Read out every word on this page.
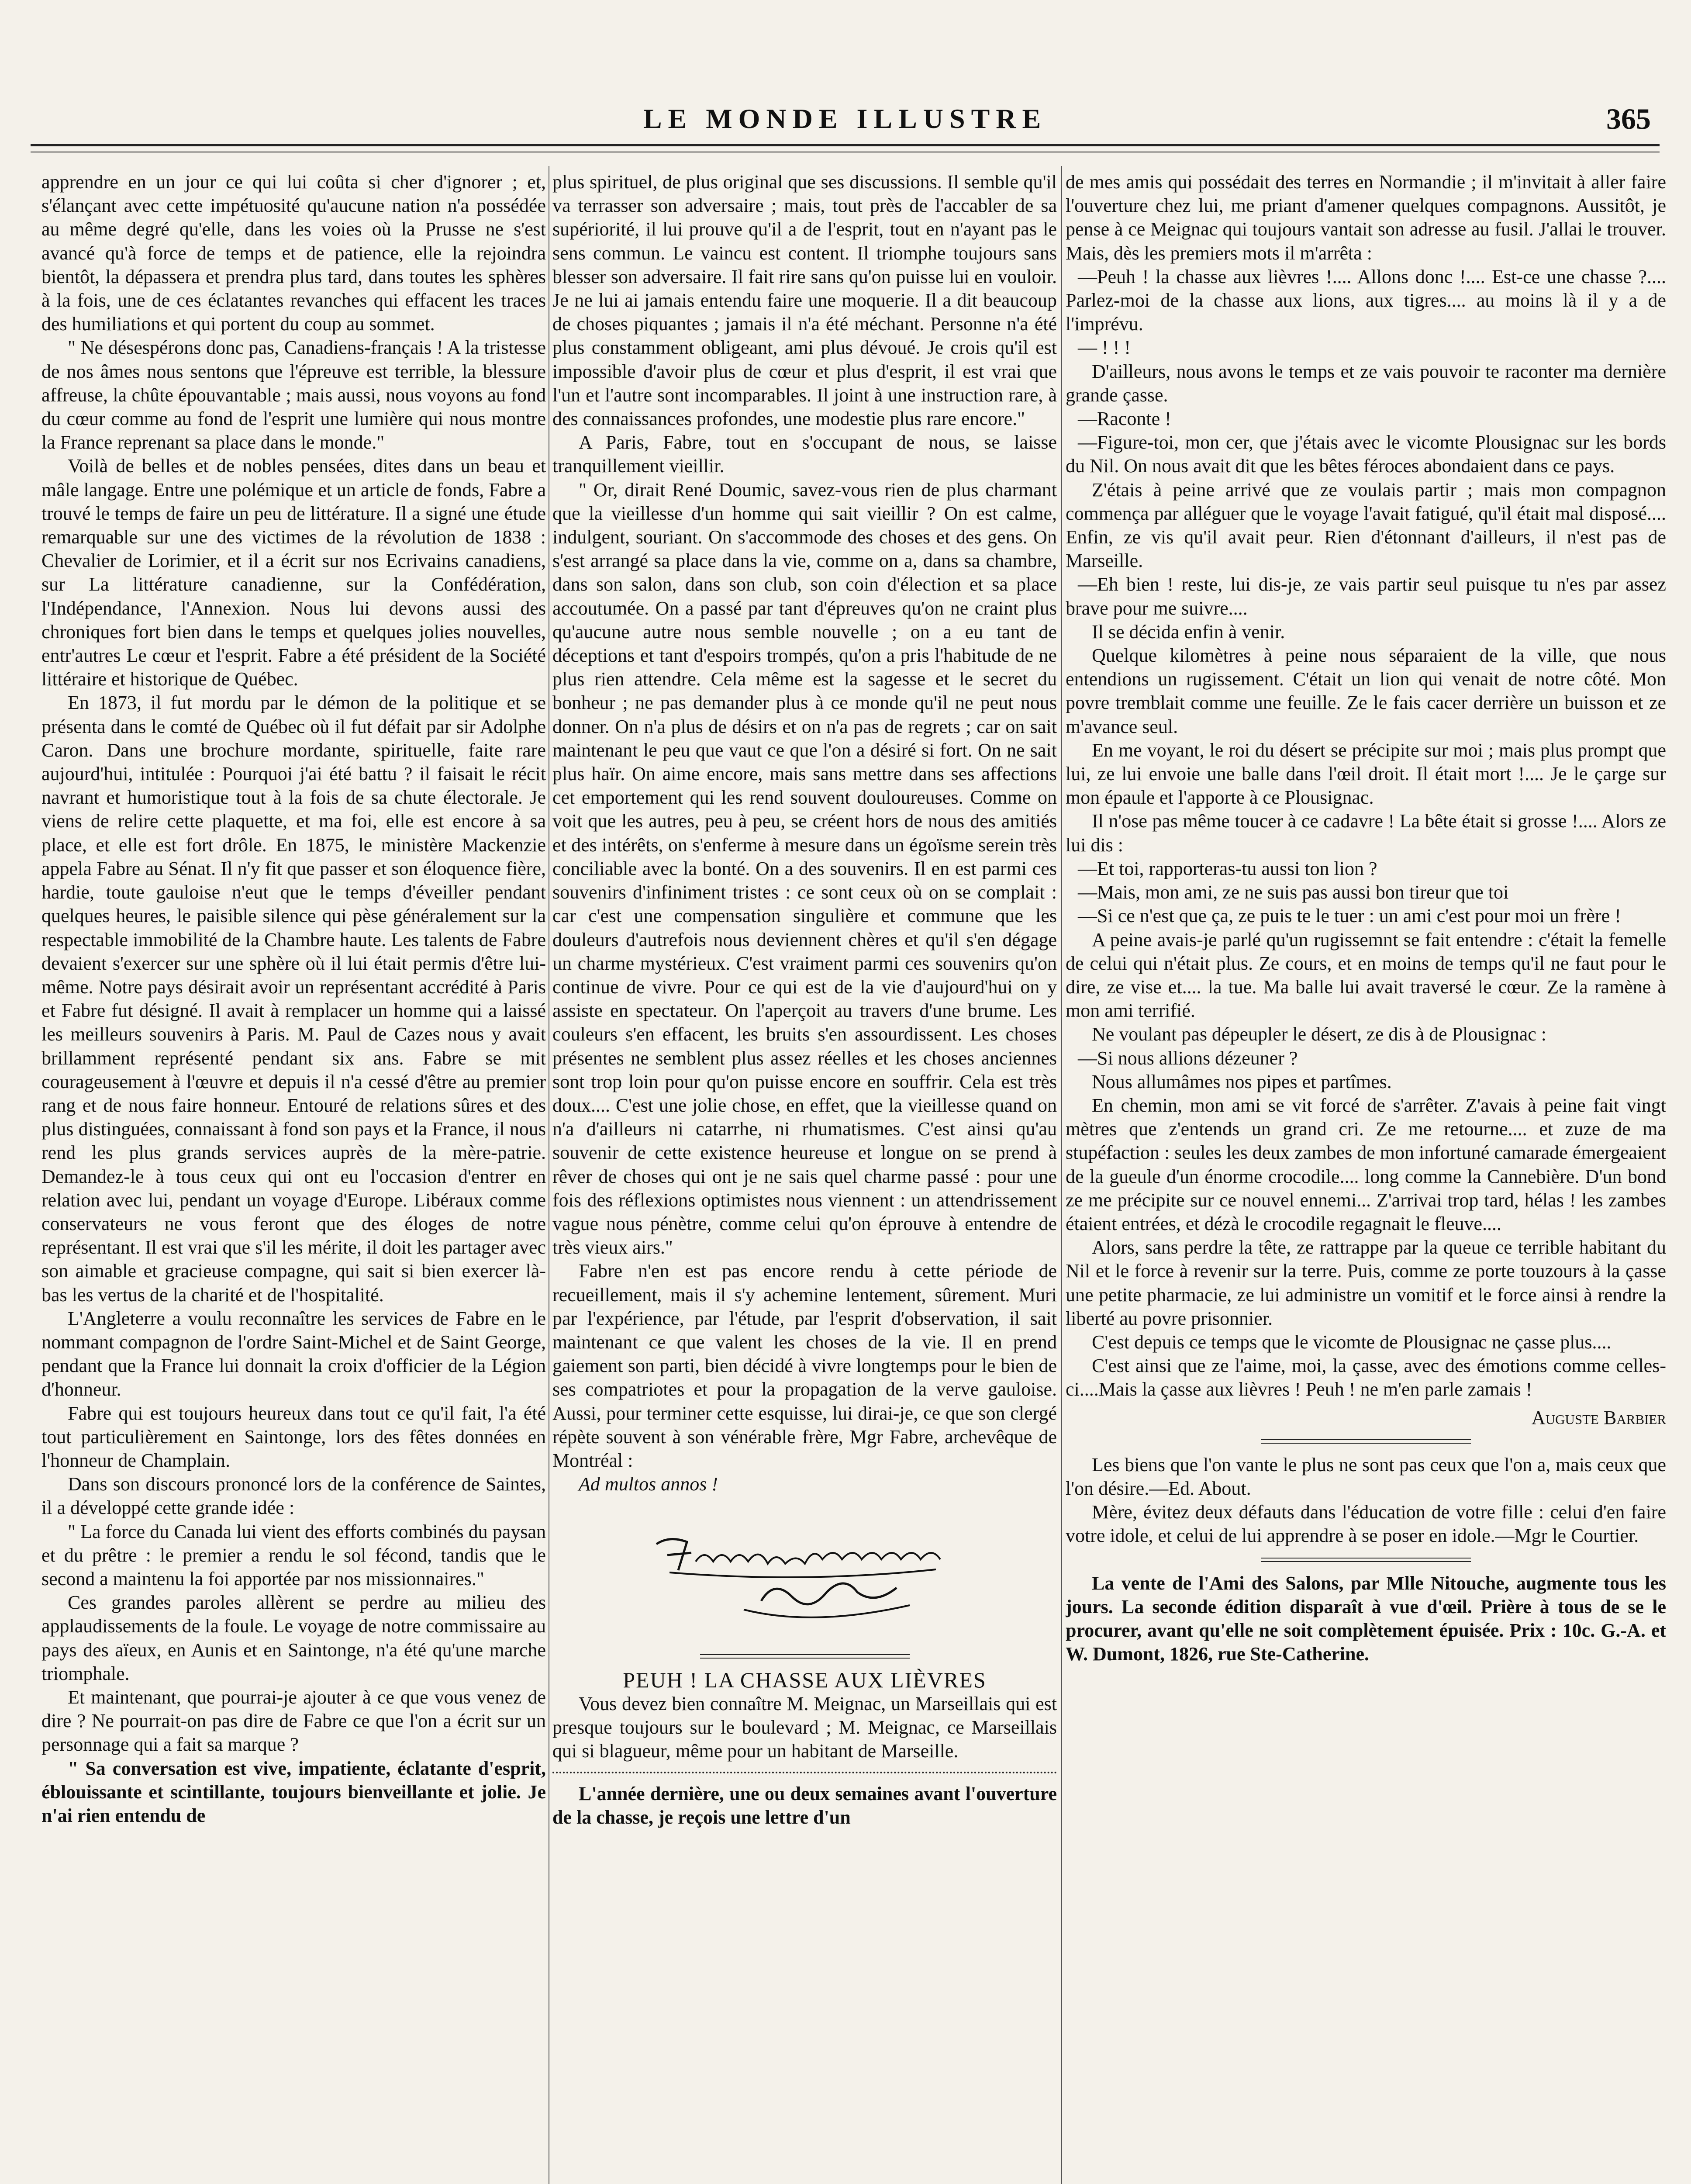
LE MONDE ILLUSTRE	365

apprendre en un jour ce qui lui coûta si cher d'ignorer ; et, s'élançant avec cette impétuosité qu'aucune nation n'a possédée au même degré qu'elle, dans les voies où la Prusse ne s'est avancé qu'à force de temps et de patience, elle la rejoindra bientôt, la dépassera et prendra plus tard, dans toutes les sphères à la fois, une de ces éclatantes revanches qui effacent les traces des humiliations et qui portent du coup au sommet.

" Ne désespérons donc pas, Canadiens-français ! A la tristesse de nos âmes nous sentons que l'épreuve est terrible, la blessure affreuse, la chûte épouvantable ; mais aussi, nous voyons au fond du cœur comme au fond de l'esprit une lumière qui nous montre la France reprenant sa place dans le monde."

Voilà de belles et de nobles pensées, dites dans un beau et mâle langage. Entre une polémique et un article de fonds, Fabre a trouvé le temps de faire un peu de littérature. Il a signé une étude remarquable sur une des victimes de la révolution de 1838 : Chevalier de Lorimier, et il a écrit sur nos Ecrivains canadiens, sur La littérature canadienne, sur la Confédération, l'Indépendance, l'Annexion. Nous lui devons aussi des chroniques fort bien dans le temps et quelques jolies nouvelles, entr'autres Le cœur et l'esprit. Fabre a été président de la Société littéraire et historique de Québec.

En 1873, il fut mordu par le démon de la politique et se présenta dans le comté de Québec où il fut défait par sir Adolphe Caron. Dans une brochure mordante, spirituelle, faite rare aujourd'hui, intitulée : Pourquoi j'ai été battu ? il faisait le récit navrant et humoristique tout à la fois de sa chute électorale. Je viens de relire cette plaquette, et ma foi, elle est encore à sa place, et elle est fort drôle. En 1875, le ministère Mackenzie appela Fabre au Sénat. Il n'y fit que passer et son éloquence fière, hardie, toute gauloise n'eut que le temps d'éveiller pendant quelques heures, le paisible silence qui pèse généralement sur la respectable immobilité de la Chambre haute. Les talents de Fabre devaient s'exercer sur une sphère où il lui était permis d'être lui-même. Notre pays désirait avoir un représentant accrédité à Paris et Fabre fut désigné. Il avait à remplacer un homme qui a laissé les meilleurs souvenirs à Paris. M. Paul de Cazes nous y avait brillamment représenté pendant six ans. Fabre se mit courageusement à l'œuvre et depuis il n'a cessé d'être au premier rang et de nous faire honneur. Entouré de relations sûres et des plus distinguées, connaissant à fond son pays et la France, il nous rend les plus grands services auprès de la mère-patrie. Demandez-le à tous ceux qui ont eu l'occasion d'entrer en relation avec lui, pendant un voyage d'Europe. Libéraux comme conservateurs ne vous feront que des éloges de notre représentant. Il est vrai que s'il les mérite, il doit les partager avec son aimable et gracieuse compagne, qui sait si bien exercer là-bas les vertus de la charité et de l'hospitalité.

L'Angleterre a voulu reconnaître les services de Fabre en le nommant compagnon de l'ordre Saint-Michel et de Saint George, pendant que la France lui donnait la croix d'officier de la Légion d'honneur.

Fabre qui est toujours heureux dans tout ce qu'il fait, l'a été tout particulièrement en Saintonge, lors des fêtes données en l'honneur de Champlain.

Dans son discours prononcé lors de la conférence de Saintes, il a développé cette grande idée :

" La force du Canada lui vient des efforts combinés du paysan et du prêtre : le premier a rendu le sol fécond, tandis que le second a maintenu la foi apportée par nos missionnaires."

Ces grandes paroles allèrent se perdre au milieu des applaudissements de la foule. Le voyage de notre commissaire au pays des aïeux, en Aunis et en Saintonge, n'a été qu'une marche triomphale.

Et maintenant, que pourrai-je ajouter à ce que vous venez de dire ? Ne pourrait-on pas dire de Fabre ce que l'on a écrit sur un personnage qui a fait sa marque ?

" Sa conversation est vive, impatiente, éclatante d'esprit, éblouissante et scintillante, toujours bienveillante et jolie. Je n'ai rien entendu de

plus spirituel, de plus original que ses discussions. Il semble qu'il va terrasser son adversaire ; mais, tout près de l'accabler de sa supériorité, il lui prouve qu'il a de l'esprit, tout en n'ayant pas le sens commun. Le vaincu est content. Il triomphe toujours sans blesser son adversaire. Il fait rire sans qu'on puisse lui en vouloir. Je ne lui ai jamais entendu faire une moquerie. Il a dit beaucoup de choses piquantes ; jamais il n'a été méchant. Personne n'a été plus constamment obligeant, ami plus dévoué. Je crois qu'il est impossible d'avoir plus de cœur et plus d'esprit, il est vrai que l'un et l'autre sont incomparables. Il joint à une instruction rare, à des connaissances profondes, une modestie plus rare encore."

A Paris, Fabre, tout en s'occupant de nous, se laisse tranquillement vieillir.

" Or, dirait René Doumic, savez-vous rien de plus charmant que la vieillesse d'un homme qui sait vieillir ? On est calme, indulgent, souriant. On s'accommode des choses et des gens. On s'est arrangé sa place dans la vie, comme on a, dans sa chambre, dans son salon, dans son club, son coin d'élection et sa place accoutumée. On a passé par tant d'épreuves qu'on ne craint plus qu'aucune autre nous semble nouvelle ; on a eu tant de déceptions et tant d'espoirs trompés, qu'on a pris l'habitude de ne plus rien attendre. Cela même est la sagesse et le secret du bonheur ; ne pas demander plus à ce monde qu'il ne peut nous donner. On n'a plus de désirs et on n'a pas de regrets ; car on sait maintenant le peu que vaut ce que l'on a désiré si fort. On ne sait plus haïr. On aime encore, mais sans mettre dans ses affections cet emportement qui les rend souvent douloureuses. Comme on voit que les autres, peu à peu, se créent hors de nous des amitiés et des intérêts, on s'enferme à mesure dans un égoïsme serein très conciliable avec la bonté. On a des souvenirs. Il en est parmi ces souvenirs d'infiniment tristes : ce sont ceux où on se complait : car c'est une compensation singulière et commune que les douleurs d'autrefois nous deviennent chères et qu'il s'en dégage un charme mystérieux. C'est vraiment parmi ces souvenirs qu'on continue de vivre. Pour ce qui est de la vie d'aujourd'hui on y assiste en spectateur. On l'aperçoit au travers d'une brume. Les couleurs s'en effacent, les bruits s'en assourdissent. Les choses présentes ne semblent plus assez réelles et les choses anciennes sont trop loin pour qu'on puisse encore en souffrir. Cela est très doux.... C'est une jolie chose, en effet, que la vieillesse quand on n'a d'ailleurs ni catarrhe, ni rhumatismes. C'est ainsi qu'au souvenir de cette existence heureuse et longue on se prend à rêver de choses qui ont je ne sais quel charme passé : pour une fois des réflexions optimistes nous viennent : un attendrissement vague nous pénètre, comme celui qu'on éprouve à entendre de très vieux airs."

Fabre n'en est pas encore rendu à cette période de recueillement, mais il s'y achemine lentement, sûrement. Muri par l'expérience, par l'étude, par l'esprit d'observation, il sait maintenant ce que valent les choses de la vie. Il en prend gaiement son parti, bien décidé à vivre longtemps pour le bien de ses compatriotes et pour la propagation de la verve gauloise. Aussi, pour terminer cette esquisse, lui dirai-je, ce que son clergé répète souvent à son vénérable frère, Mgr Fabre, archevêque de Montréal :

Ad multos annos !

PEUH ! LA CHASSE AUX LIÈVRES

Vous devez bien connaître M. Meignac, un Marseillais qui est presque toujours sur le boulevard ; M. Meignac, ce Marseillais qui si blagueur, même pour un habitant de Marseille.

L'année dernière, une ou deux semaines avant l'ouverture de la chasse, je reçois une lettre d'un

de mes amis qui possédait des terres en Normandie ; il m'invitait à aller faire l'ouverture chez lui, me priant d'amener quelques compagnons. Aussitôt, je pense à ce Meignac qui toujours vantait son adresse au fusil. J'allai le trouver. Mais, dès les premiers mots il m'arrêta :

—Peuh ! la chasse aux lièvres !.... Allons donc !.... Est-ce une chasse ?.... Parlez-moi de la chasse aux lions, aux tigres.... au moins là il y a de l'imprévu.

— ! ! !

D'ailleurs, nous avons le temps et ze vais pouvoir te raconter ma dernière grande çasse.

—Raconte !

—Figure-toi, mon cer, que j'étais avec le vicomte Plousignac sur les bords du Nil. On nous avait dit que les bêtes féroces abondaient dans ce pays.

Z'étais à peine arrivé que ze voulais partir ; mais mon compagnon commença par alléguer que le voyage l'avait fatigué, qu'il était mal disposé.... Enfin, ze vis qu'il avait peur. Rien d'étonnant d'ailleurs, il n'est pas de Marseille.

—Eh bien ! reste, lui dis-je, ze vais partir seul puisque tu n'es par assez brave pour me suivre....

Il se décida enfin à venir.

Quelque kilomètres à peine nous séparaient de la ville, que nous entendions un rugissement. C'était un lion qui venait de notre côté. Mon povre tremblait comme une feuille. Ze le fais cacer derrière un buisson et ze m'avance seul.

En me voyant, le roi du désert se précipite sur moi ; mais plus prompt que lui, ze lui envoie une balle dans l'œil droit. Il était mort !.... Je le çarge sur mon épaule et l'apporte à ce Plousignac.

Il n'ose pas même toucer à ce cadavre ! La bête était si grosse !.... Alors ze lui dis :

—Et toi, rapporteras-tu aussi ton lion ?

—Mais, mon ami, ze ne suis pas aussi bon tireur que toi

—Si ce n'est que ça, ze puis te le tuer : un ami c'est pour moi un frère !

A peine avais-je parlé qu'un rugissemnt se fait entendre : c'était la femelle de celui qui n'était plus. Ze cours, et en moins de temps qu'il ne faut pour le dire, ze vise et.... la tue. Ma balle lui avait traversé le cœur. Ze la ramène à mon ami terrifié.

Ne voulant pas dépeupler le désert, ze dis à de Plousignac :

—Si nous allions dézeuner ?

Nous allumâmes nos pipes et partîmes.

En chemin, mon ami se vit forcé de s'arrêter. Z'avais à peine fait vingt mètres que z'entends un grand cri. Ze me retourne.... et zuze de ma stupéfaction : seules les deux zambes de mon infortuné camarade émergeaient de la gueule d'un énorme crocodile.... long comme la Cannebière. D'un bond ze me précipite sur ce nouvel ennemi... Z'arrivai trop tard, hélas ! les zambes étaient entrées, et dézà le crocodile regagnait le fleuve....

Alors, sans perdre la tête, ze rattrappe par la queue ce terrible habitant du Nil et le force à revenir sur la terre. Puis, comme ze porte touzours à la çasse une petite pharmacie, ze lui administre un vomitif et le force ainsi à rendre la liberté au povre prisonnier.

C'est depuis ce temps que le vicomte de Plousignac ne çasse plus....

C'est ainsi que ze l'aime, moi, la çasse, avec des émotions comme celles-ci....Mais la çasse aux lièvres ! Peuh ! ne m'en parle zamais !

Auguste Barbier

Les biens que l'on vante le plus ne sont pas ceux que l'on a, mais ceux que l'on désire.—Ed. About.

Mère, évitez deux défauts dans l'éducation de votre fille : celui d'en faire votre idole, et celui de lui apprendre à se poser en idole.—Mgr le Courtier.

La vente de l'Ami des Salons, par Mlle Nitouche, augmente tous les jours. La seconde édition disparaît à vue d'œil. Prière à tous de se le procurer, avant qu'elle ne soit complètement épuisée. Prix : 10c. G.-A. et W. Dumont, 1826, rue Ste-Catherine.
